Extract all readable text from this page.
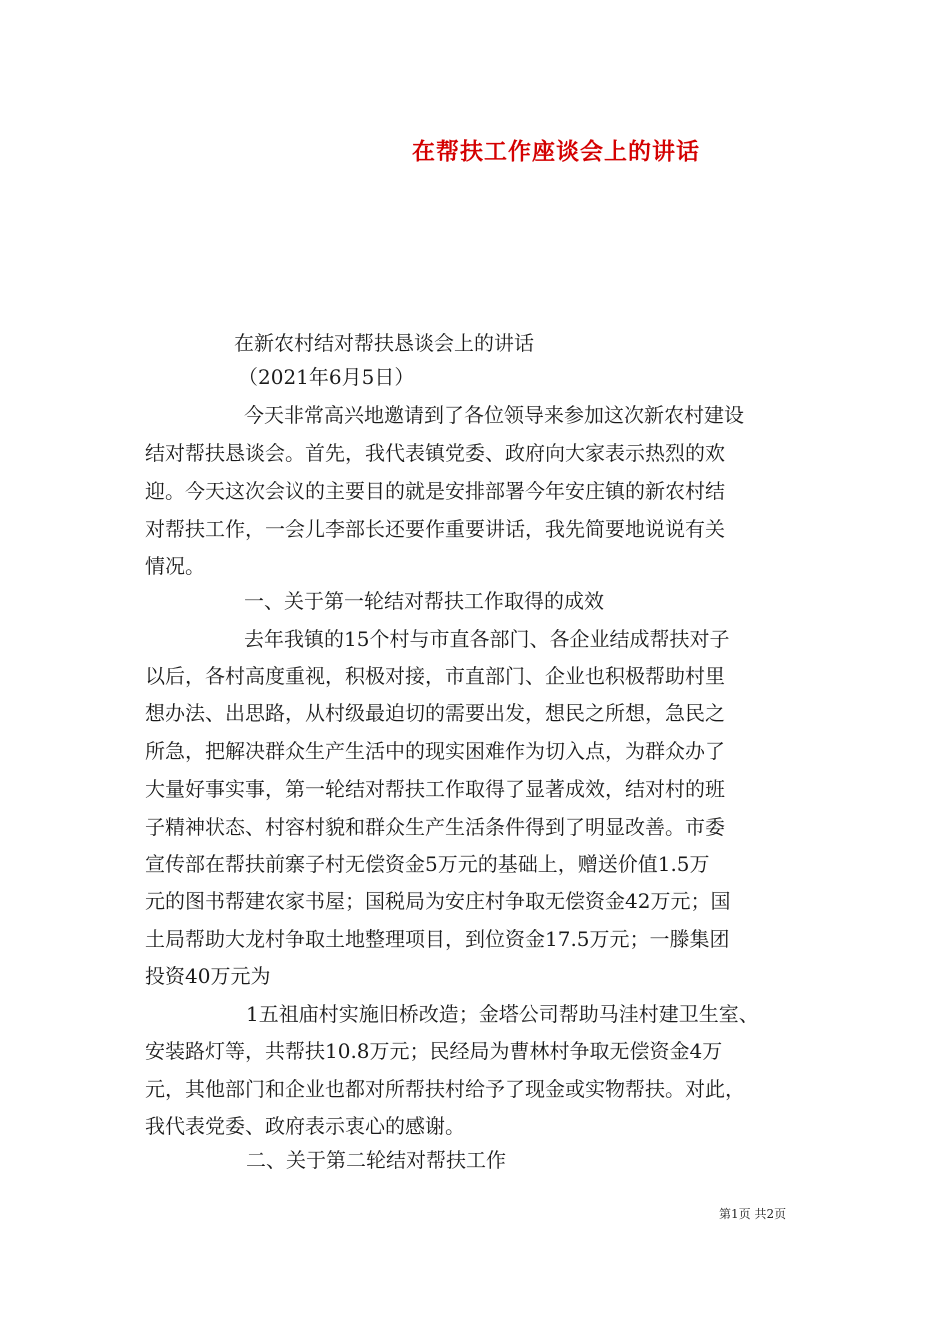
在帮扶工作座谈会上的讲话

在新农村结对帮扶恳谈会上的讲话

（2021年6月5日）

今天非常高兴地邀请到了各位领导来参加这次新农村建设

结对帮扶恳谈会。首先，我代表镇党委、政府向大家表示热烈的欢

迎。今天这次会议的主要目的就是安排部署今年安庄镇的新农村结

对帮扶工作，一会儿李部长还要作重要讲话，我先简要地说说有关

情况。

一、关于第一轮结对帮扶工作取得的成效

去年我镇的15个村与市直各部门、各企业结成帮扶对子

以后，各村高度重视，积极对接，市直部门、企业也积极帮助村里

想办法、出思路，从村级最迫切的需要出发，想民之所想，急民之

所急，把解决群众生产生活中的现实困难作为切入点，为群众办了

大量好事实事，第一轮结对帮扶工作取得了显著成效，结对村的班

子精神状态、村容村貌和群众生产生活条件得到了明显改善。市委

宣传部在帮扶前寨子村无偿资金5万元的基础上，赠送价值1.5万

元的图书帮建农家书屋；国税局为安庄村争取无偿资金42万元；国

土局帮助大龙村争取土地整理项目，到位资金17.5万元；一滕集团

投资40万元为

1五祖庙村实施旧桥改造；金塔公司帮助马洼村建卫生室、

安装路灯等，共帮扶10.8万元；民经局为曹林村争取无偿资金4万

元，其他部门和企业也都对所帮扶村给予了现金或实物帮扶。对此，

我代表党委、政府表示衷心的感谢。

二、关于第二轮结对帮扶工作

第1页 共2页
